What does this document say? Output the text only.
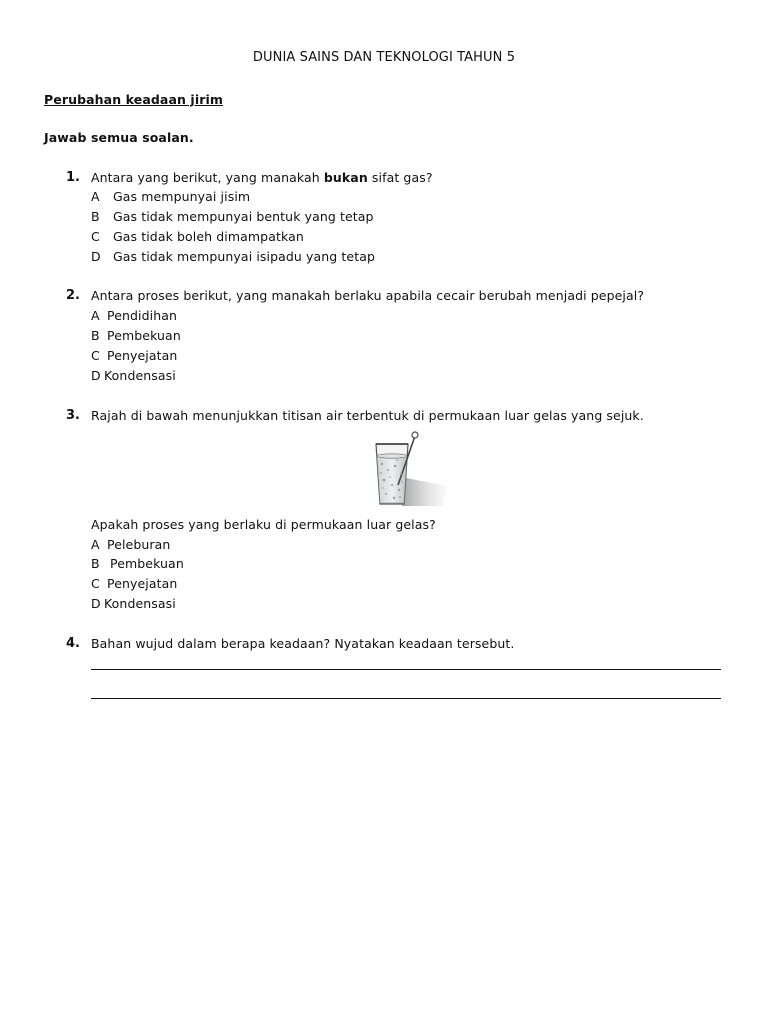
DUNIA SAINS DAN TEKNOLOGI TAHUN 5
Perubahan keadaan jirim
Jawab semua soalan.
1. Antara yang berikut, yang manakah bukan sifat gas?
A Gas mempunyai jisim
B Gas tidak mempunyai bentuk yang tetap
C Gas tidak boleh dimampatkan
D Gas tidak mempunyai isipadu yang tetap
2. Antara proses berikut, yang manakah berlaku apabila cecair berubah menjadi pepejal?
A Pendidihan
B Pembekuan
C Penyejatan
D Kondensasi
3. Rajah di bawah menunjukkan titisan air terbentuk di permukaan luar gelas yang sejuk.
Apakah proses yang berlaku di permukaan luar gelas?
A Peleburan
B Pembekuan
C Penyejatan
D Kondensasi
4. Bahan wujud dalam berapa keadaan? Nyatakan keadaan tersebut.
